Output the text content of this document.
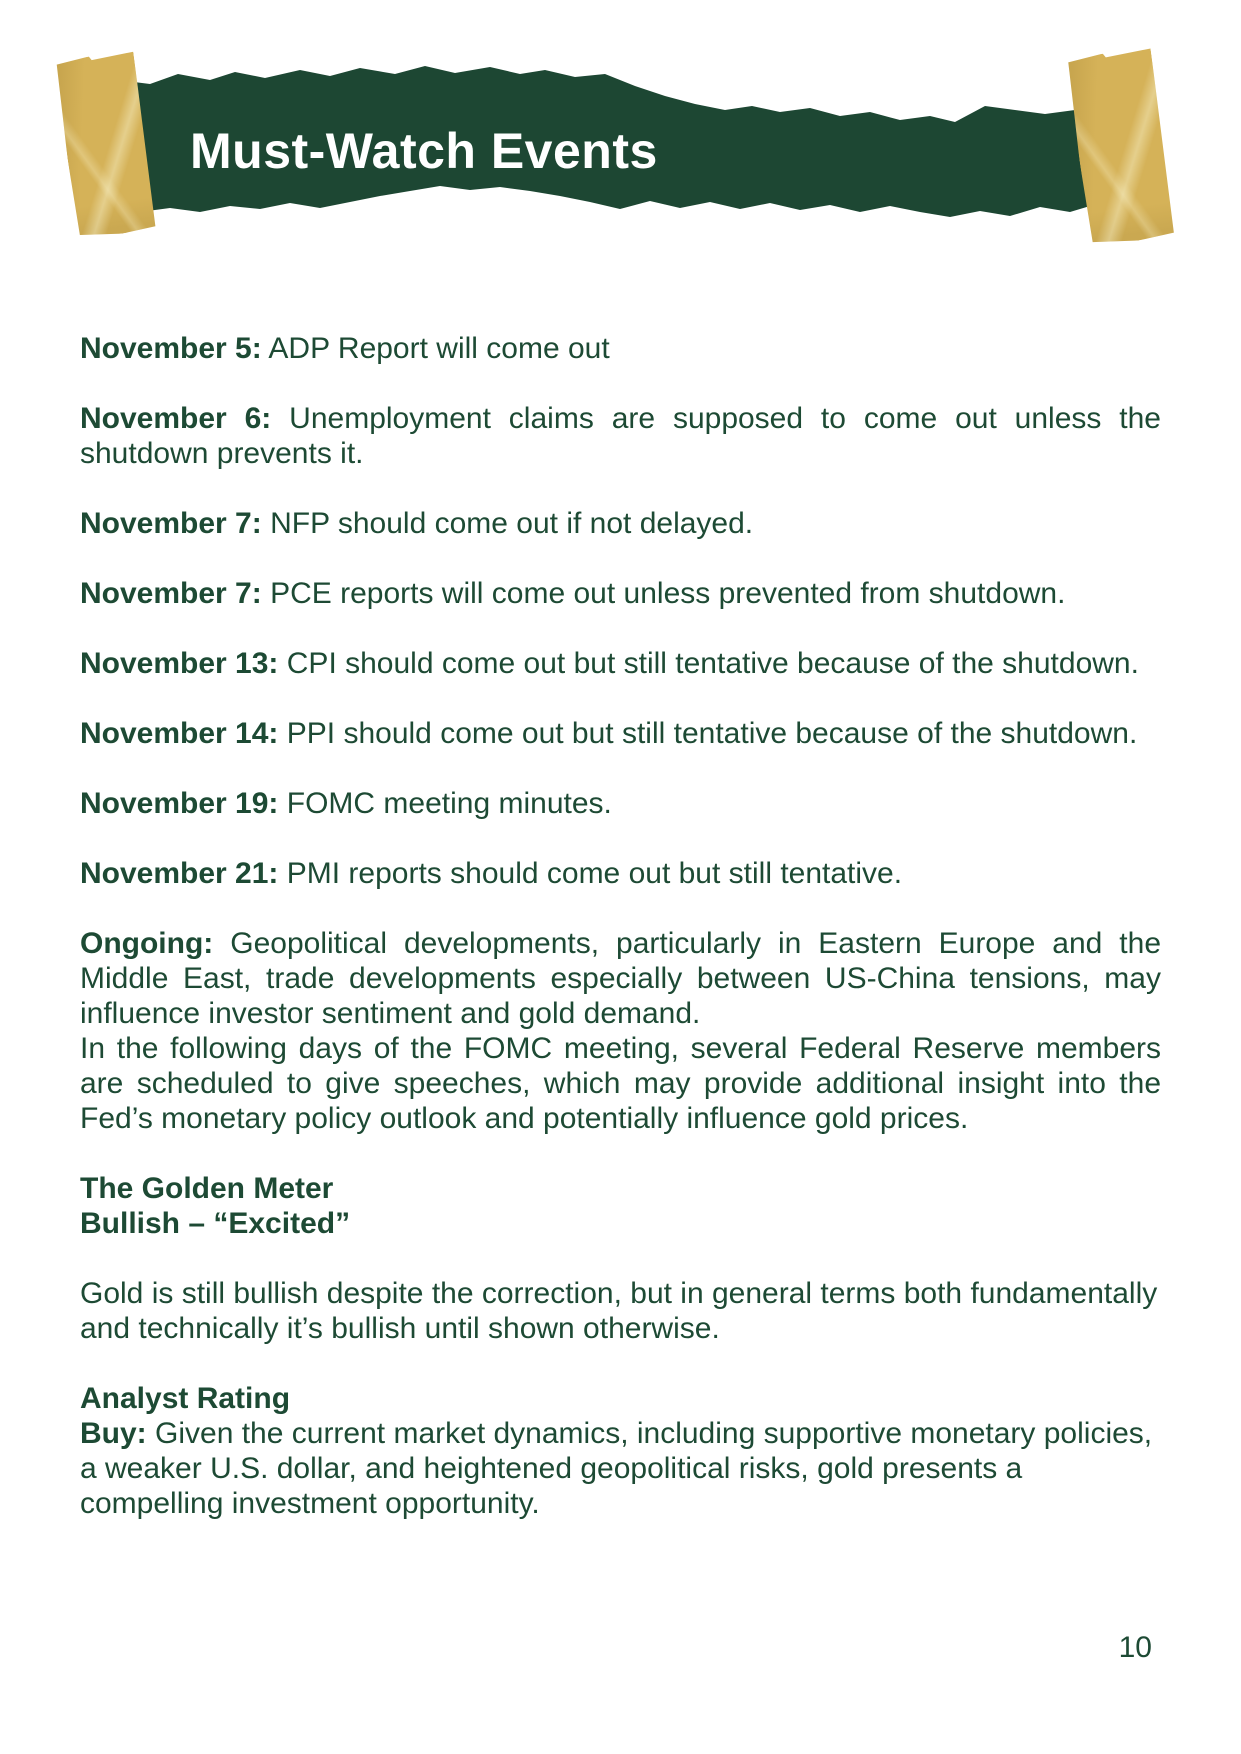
Must-Watch Events

November 5: ADP Report will come out

November 6: Unemployment claims are supposed to come out unless the shutdown prevents it.

November 7: NFP should come out if not delayed.

November 7: PCE reports will come out unless prevented from shutdown.

November 13: CPI should come out but still tentative because of the shutdown.

November 14: PPI should come out but still tentative because of the shutdown.

November 19: FOMC meeting minutes.

November 21: PMI reports should come out but still tentative.

Ongoing: Geopolitical developments, particularly in Eastern Europe and the Middle East, trade developments especially between US-China tensions, may influence investor sentiment and gold demand.

In the following days of the FOMC meeting, several Federal Reserve members are scheduled to give speeches, which may provide additional insight into the Fed’s monetary policy outlook and potentially influence gold prices.

The Golden Meter

Bullish – “Excited”

Gold is still bullish despite the correction, but in general terms both fundamentally and technically it’s bullish until shown otherwise.

Analyst Rating

Buy: Given the current market dynamics, including supportive monetary policies, a weaker U.S. dollar, and heightened geopolitical risks, gold presents a compelling investment opportunity.

10
